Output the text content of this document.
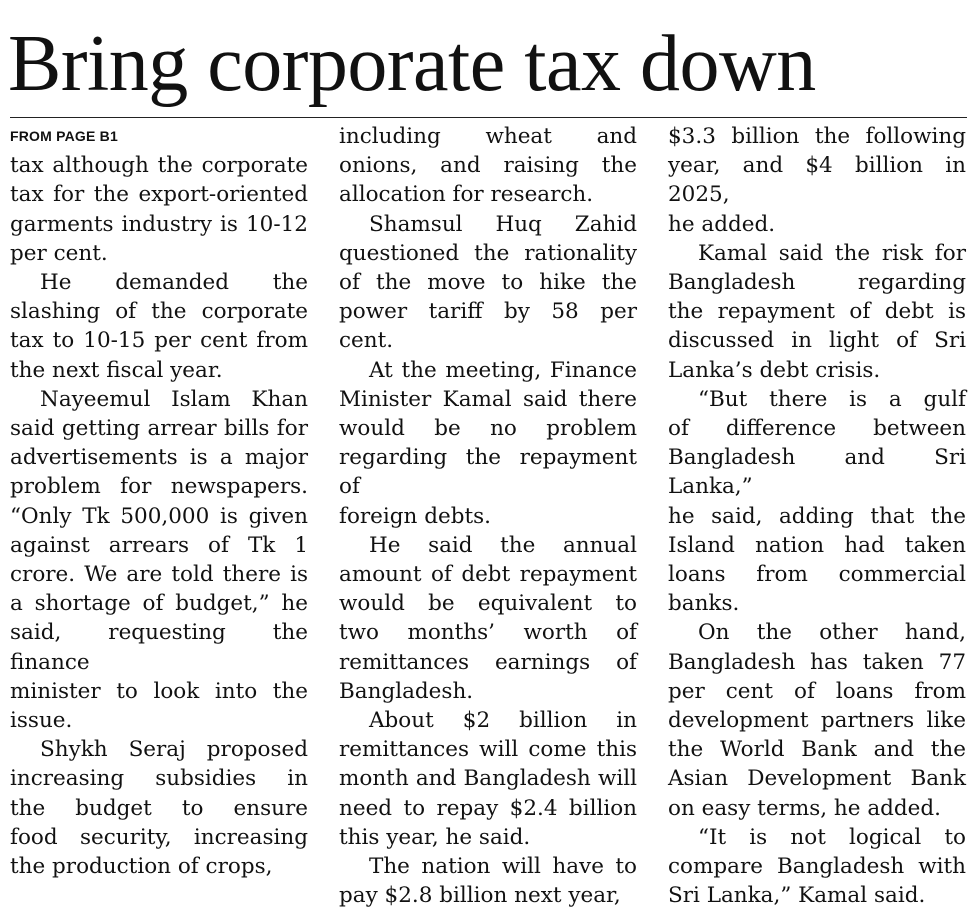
Bring corporate tax down
FROM PAGE B1
tax although the corporate
tax for the export-oriented
garments industry is 10-12
per cent.
He demanded the
slashing of the corporate
tax to 10-15 per cent from
the next fiscal year.
Nayeemul Islam Khan
said getting arrear bills for
advertisements is a major
problem for newspapers.
“Only Tk 500,000 is given
against arrears of Tk 1
crore. We are told there is
a shortage of budget,” he
said, requesting the finance
minister to look into the
issue.
Shykh Seraj proposed
increasing subsidies in
the budget to ensure
food security, increasing
the production of crops,
including wheat and
onions, and raising the
allocation for research.
Shamsul Huq Zahid
questioned the rationality
of the move to hike the
power tariff by 58 per cent.
At the meeting, Finance
Minister Kamal said there
would be no problem
regarding the repayment of
foreign debts.
He said the annual
amount of debt repayment
would be equivalent to
two months’ worth of
remittances earnings of
Bangladesh.
About $2 billion in
remittances will come this
month and Bangladesh will
need to repay $2.4 billion
this year, he said.
The nation will have to
pay $2.8 billion next year,
$3.3 billion the following
year, and $4 billion in 2025,
he added.
Kamal said the risk for
Bangladesh regarding
the repayment of debt is
discussed in light of Sri
Lanka’s debt crisis.
“But there is a gulf
of difference between
Bangladesh and Sri Lanka,”
he said, adding that the
Island nation had taken
loans from commercial
banks.
On the other hand,
Bangladesh has taken 77
per cent of loans from
development partners like
the World Bank and the
Asian Development Bank
on easy terms, he added.
“It is not logical to
compare Bangladesh with
Sri Lanka,” Kamal said.
